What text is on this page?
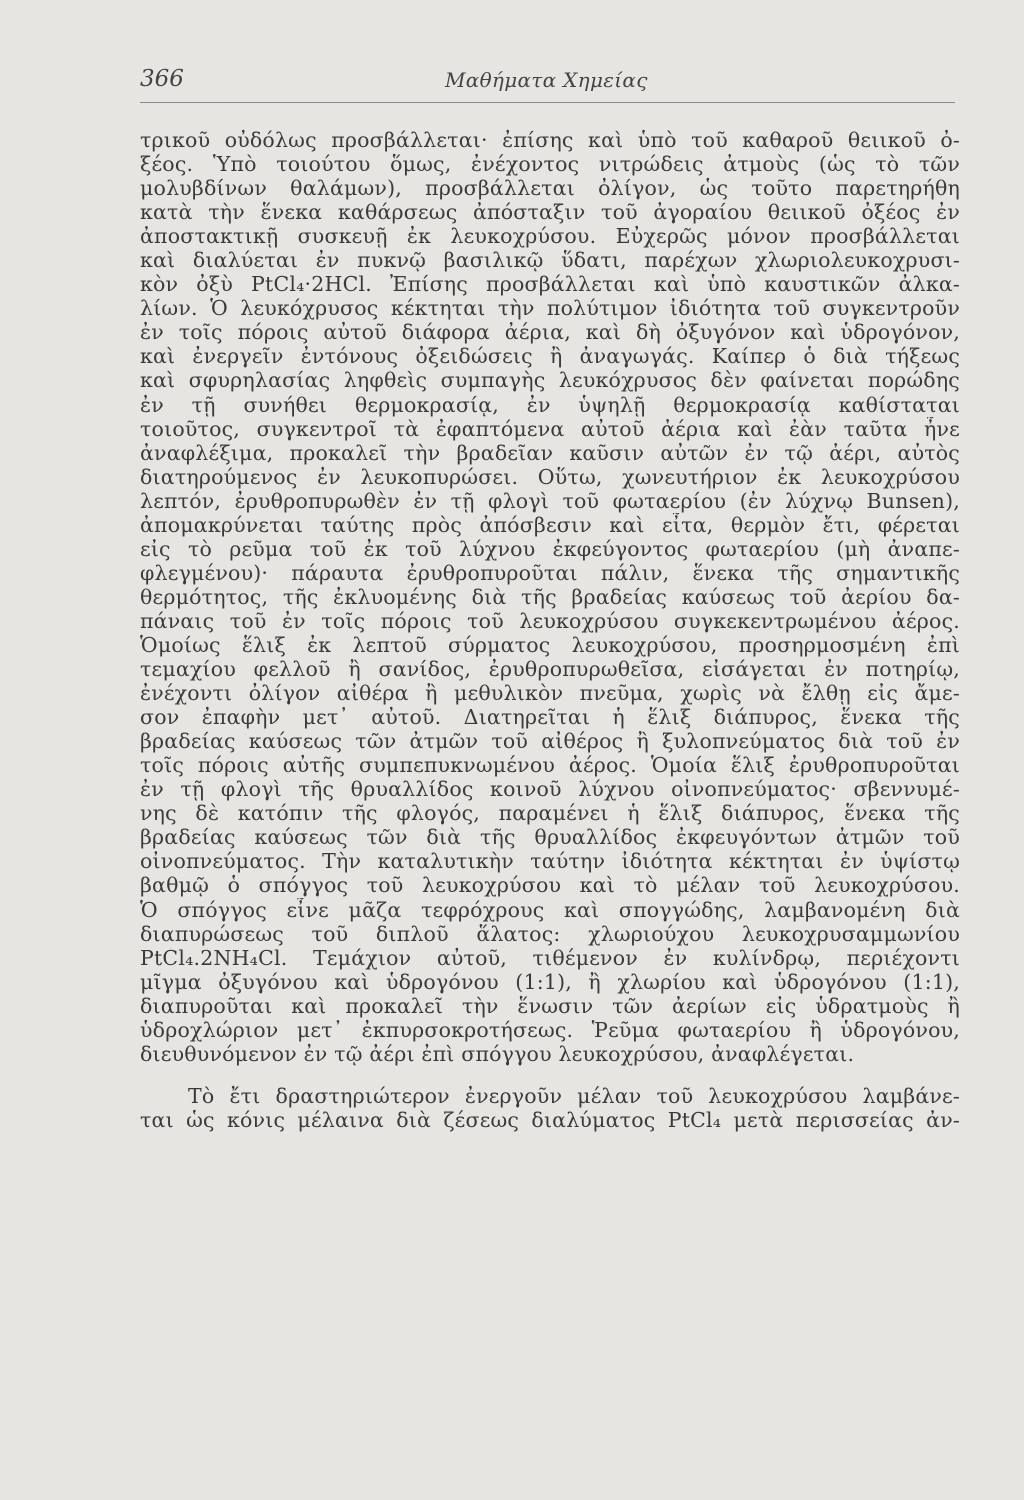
366	Μαθήματα Χημείας
τρικοῦ οὐδόλως προσβάλλεται· ἐπίσης καὶ ὑπὸ τοῦ καθαροῦ θειικοῦ ὀ-
ξέος. Ὑπὸ τοιούτου ὅμως, ἐνέχοντος νιτρώδεις ἀτμοὺς (ὡς τὸ τῶν
μολυβδίνων θαλάμων), προσβάλλεται ὀλίγον, ὡς τοῦτο παρετηρήθη
κατὰ τὴν ἕνεκα καθάρσεως ἀπόσταξιν τοῦ ἀγοραίου θειικοῦ ὀξέος ἐν
ἀποστακτικῇ συσκευῇ ἐκ λευκοχρύσου. Εὐχερῶς μόνον προσβάλλεται
καὶ διαλύεται ἐν πυκνῷ βασιλικῷ ὕδατι, παρέχων χλωριολευκοχρυσι-
κὸν ὀξὺ PtCl₄·2HCl. Ἐπίσης προσβάλλεται καὶ ὑπὸ καυστικῶν ἀλκα-
λίων. Ὁ λευκόχρυσος κέκτηται τὴν πολύτιμον ἰδιότητα τοῦ συγκεντροῦν
ἐν τοῖς πόροις αὐτοῦ διάφορα ἀέρια, καὶ δὴ ὀξυγόνον καὶ ὑδρογόνον,
καὶ ἐνεργεῖν ἐντόνους ὀξειδώσεις ἢ ἀναγωγάς. Καίπερ ὁ διὰ τήξεως
καὶ σφυρηλασίας ληφθεὶς συμπαγὴς λευκόχρυσος δὲν φαίνεται πορώδης
ἐν τῇ συνήθει θερμοκρασίᾳ, ἐν ὑψηλῇ θερμοκρασίᾳ καθίσταται
τοιοῦτος, συγκεντροῖ τὰ ἐφαπτόμενα αὐτοῦ ἀέρια καὶ ἐὰν ταῦτα ἦνε
ἀναφλέξιμα, προκαλεῖ τὴν βραδεῖαν καῦσιν αὐτῶν ἐν τῷ ἀέρι, αὐτὸς
διατηρούμενος ἐν λευκοπυρώσει. Οὕτω, χωνευτήριον ἐκ λευκοχρύσου
λεπτόν, ἐρυθροπυρωθὲν ἐν τῇ φλογὶ τοῦ φωταερίου (ἐν λύχνῳ Bunsen),
ἀπομακρύνεται ταύτης πρὸς ἀπόσβεσιν καὶ εἶτα, θερμὸν ἔτι, φέρεται
εἰς τὸ ρεῦμα τοῦ ἐκ τοῦ λύχνου ἐκφεύγοντος φωταερίου (μὴ ἀναπε-
φλεγμένου)· πάραυτα ἐρυθροπυροῦται πάλιν, ἕνεκα τῆς σημαντικῆς
θερμότητος, τῆς ἐκλυομένης διὰ τῆς βραδείας καύσεως τοῦ ἀερίου δα-
πάναις τοῦ ἐν τοῖς πόροις τοῦ λευκοχρύσου συγκεκεντρωμένου ἀέρος.
Ὁμοίως ἕλιξ ἐκ λεπτοῦ σύρματος λευκοχρύσου, προσηρμοσμένη ἐπὶ
τεμαχίου φελλοῦ ἢ σανίδος, ἐρυθροπυρωθεῖσα, εἰσάγεται ἐν ποτηρίῳ,
ἐνέχοντι ὀλίγον αἰθέρα ἢ μεθυλικὸν πνεῦμα, χωρὶς νὰ ἔλθῃ εἰς ἄμε-
σον ἐπαφὴν μετ᾽ αὐτοῦ. Διατηρεῖται ἡ ἕλιξ διάπυρος, ἕνεκα τῆς
βραδείας καύσεως τῶν ἀτμῶν τοῦ αἰθέρος ἢ ξυλοπνεύματος διὰ τοῦ ἐν
τοῖς πόροις αὐτῆς συμπεπυκνωμένου ἀέρος. Ὁμοία ἕλιξ ἐρυθροπυροῦται
ἐν τῇ φλογὶ τῆς θρυαλλίδος κοινοῦ λύχνου οἰνοπνεύματος· σβεννυμέ-
νης δὲ κατόπιν τῆς φλογός, παραμένει ἡ ἕλιξ διάπυρος, ἕνεκα τῆς
βραδείας καύσεως τῶν διὰ τῆς θρυαλλίδος ἐκφευγόντων ἀτμῶν τοῦ
οἰνοπνεύματος. Τὴν καταλυτικὴν ταύτην ἰδιότητα κέκτηται ἐν ὑψίστῳ
βαθμῷ ὁ σπόγγος τοῦ λευκοχρύσου καὶ τὸ μέλαν τοῦ λευκοχρύσου.
Ὁ σπόγγος εἶνε μᾶζα τεφρόχρους καὶ σπογγώδης, λαμβανομένη διὰ
διαπυρώσεως τοῦ διπλοῦ ἅλατος: χλωριούχου λευκοχρυσαμμωνίου
PtCl₄.2NH₄Cl. Τεμάχιον αὐτοῦ, τιθέμενον ἐν κυλίνδρῳ, περιέχοντι
μῖγμα ὀξυγόνου καὶ ὑδρογόνου (1:1), ἢ χλωρίου καὶ ὑδρογόνου (1:1),
διαπυροῦται καὶ προκαλεῖ τὴν ἕνωσιν τῶν ἀερίων εἰς ὑδρατμοὺς ἢ
ὑδροχλώριον μετ᾽ ἐκπυρσοκροτήσεως. Ῥεῦμα φωταερίου ἢ ὑδρογόνου,
διευθυνόμενον ἐν τῷ ἀέρι ἐπὶ σπόγγου λευκοχρύσου, ἀναφλέγεται.
Τὸ ἔτι δραστηριώτερον ἐνεργοῦν μέλαν τοῦ λευκοχρύσου λαμβάνε-
ται ὡς κόνις μέλαινα διὰ ζέσεως διαλύματος PtCl₄ μετὰ περισσείας ἀν-
